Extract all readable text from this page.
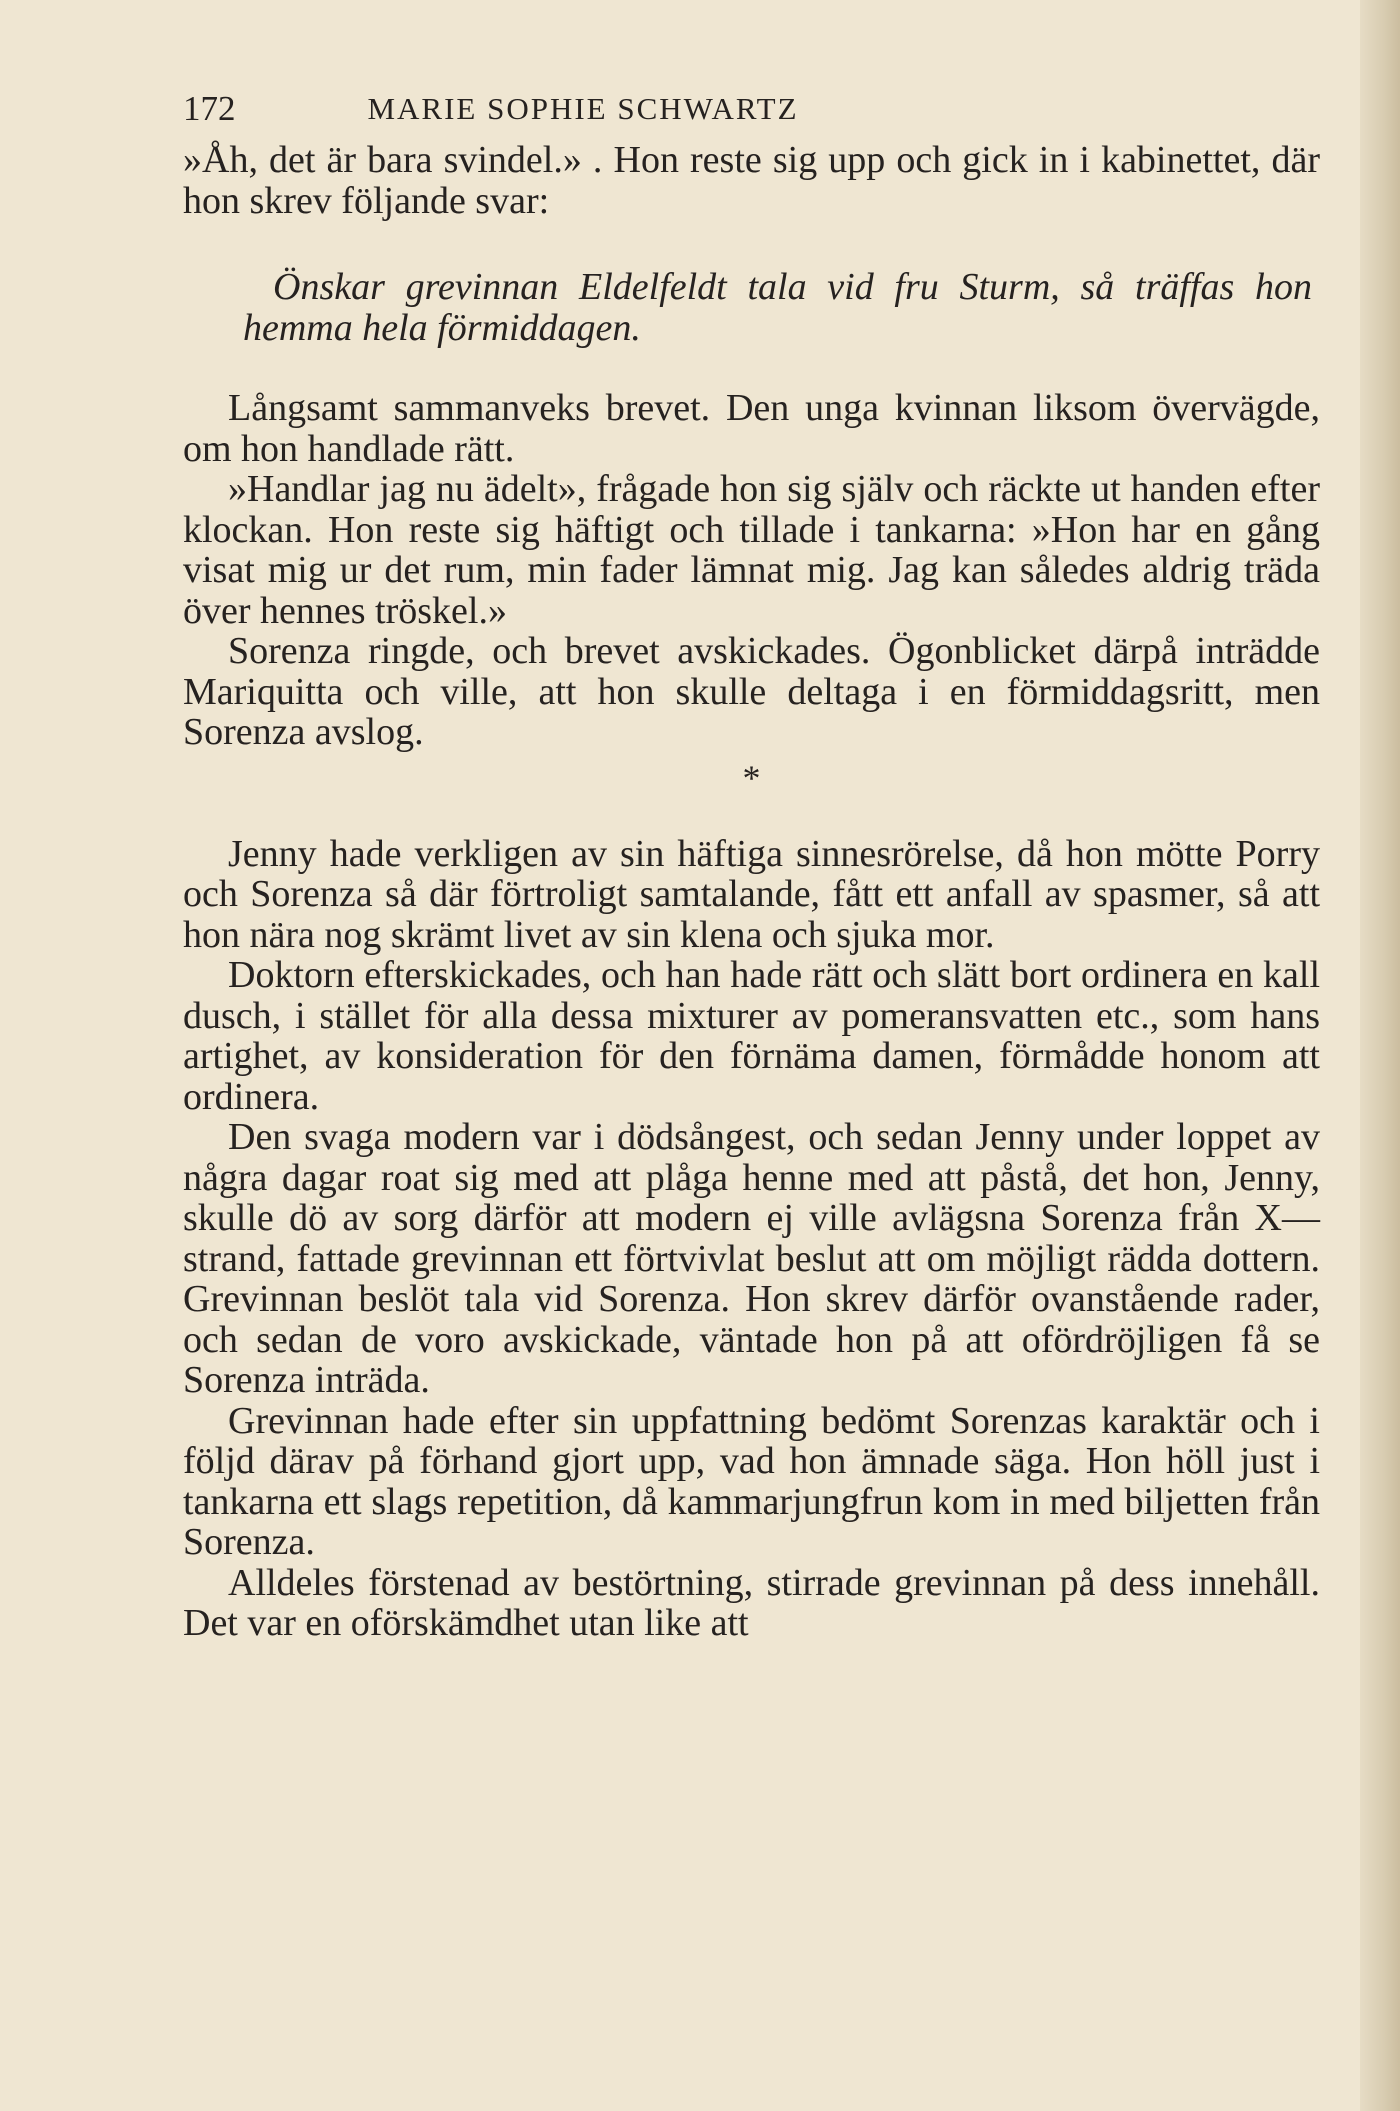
172	MARIE SOPHIE SCHWARTZ

»Åh, det är bara svindel.» . Hon reste sig upp och gick in i kabinettet, där hon skrev följande svar:

Önskar grevinnan Eldelfeldt tala vid fru Sturm, så träffas hon hemma hela förmiddagen.

Långsamt sammanveks brevet. Den unga kvinnan liksom övervägde, om hon handlade rätt.

»Handlar jag nu ädelt», frågade hon sig själv och räckte ut handen efter klockan. Hon reste sig häftigt och tillade i tankarna: »Hon har en gång visat mig ur det rum, min fader lämnat mig. Jag kan således aldrig träda över hennes tröskel.»

Sorenza ringde, och brevet avskickades. Ögonblicket därpå inträdde Mariquitta och ville, att hon skulle deltaga i en förmiddagsritt, men Sorenza avslog.

*

Jenny hade verkligen av sin häftiga sinnesrörelse, då hon mötte Porry och Sorenza så där förtroligt samtalande, fått ett anfall av spasmer, så att hon nära nog skrämt livet av sin klena och sjuka mor.

Doktorn efterskickades, och han hade rätt och slätt bort ordinera en kall dusch, i stället för alla dessa mixturer av pomeransvatten etc., som hans artighet, av konsideration för den förnäma damen, förmådde honom att ordinera.

Den svaga modern var i dödsångest, och sedan Jenny under loppet av några dagar roat sig med att plåga henne med att påstå, det hon, Jenny, skulle dö av sorg därför att modern ej ville avlägsna Sorenza från X—strand, fattade grevinnan ett förtvivlat beslut att om möjligt rädda dottern. Grevinnan beslöt tala vid Sorenza. Hon skrev därför ovanstående rader, och sedan de voro avskickade, väntade hon på att ofördröjligen få se Sorenza inträda.

Grevinnan hade efter sin uppfattning bedömt Sorenzas karaktär och i följd därav på förhand gjort upp, vad hon ämnade säga. Hon höll just i tankarna ett slags repetition, då kammarjungfrun kom in med biljetten från Sorenza.

Alldeles förstenad av bestörtning, stirrade grevinnan på dess innehåll. Det var en oförskämdhet utan like att
